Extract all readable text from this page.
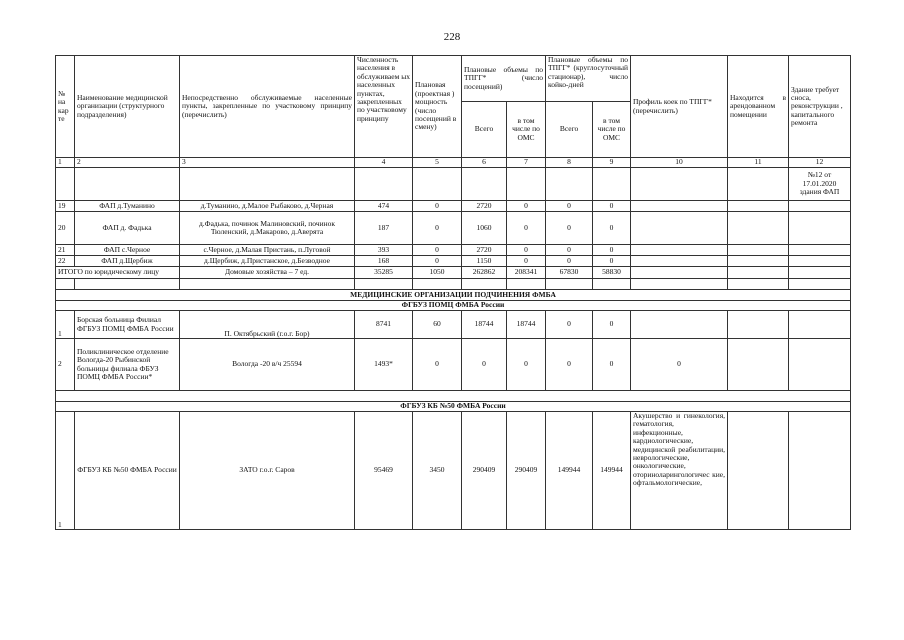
228
№ на кар те	Наименование медицинской организации (структурного подразделения)	Непосредственно обслуживаемые населенные пункты, закрепленные по участковому принципу (перечислить)	Численность населения в обслуживаем ых населенных пунктах, закрепленных по участковому принципу	Плановая (проектная ) мощность (число посещений в смену)	Плановые объемы по ТПГГ* (число посещений)		Плановые объемы по ТПГГ* (круглосуточный стационар), число койко-дней		Профиль коек по ТПГГ* (перечислить)	Находится в арендованном помещении	Здание требует сноса, реконструкции , капитального ремонта
					Всего	в том числе по ОМС	Всего	в том числе по ОМС			
1	2	3	4	5	6	7	8	9	10	11	12
											№12 от 17.01.2020 здания ФАП
19	ФАП д.Туманино	д.Туманино, д.Малое Рыбаково, д.Черная	474	0	2720	0	0	0			
20	ФАП д. Фадька	д.Фадька, починок Малиновский, починок Тюленский, д.Макарово, д.Аверята	187	0	1060	0	0	0			
21	ФАП с.Черное	с.Черное, д.Малая Пристань, п.Луговой	393	0	2720	0	0	0			
22	ФАП д.Щербиж	д.Щербиж, д.Пристанское, д.Безводное	168	0	1150	0	0	0			
ИТОГО по юридическому лицу		Домовые хозяйства – 7 ед.	35285	1050	262862	208341	67830	58830			

МЕДИЦИНСКИЕ ОРГАНИЗАЦИИ ПОДЧИНЕНИЯ ФМБА											
ФГБУЗ ПОМЦ ФМБА России											
1	Борская больница Филиал ФГБУЗ ПОМЦ ФМБА России	П. Октябрьский (г.о.г. Бор)	8741	60	18744	18744	0	0			
2	Поликлиническое отделение Вологда-20 Рыбинской больницы филиала ФБУЗ ПОМЦ ФМБА России*	Вологда -20 в/ч 25594	1493*	0	0	0	0	0	0		

ФГБУЗ КБ №50 ФМБА России											
1	ФГБУЗ КБ №50 ФМБА России	ЗАТО г.о.г. Саров	95469	3450	290409	290409	149944	149944	Акушерство и гинекология, гематология, инфекционные, кардиологические, медицинской реабилитации, неврологические, онкологические, оториноларингологичес кие, офтальмологические,		
